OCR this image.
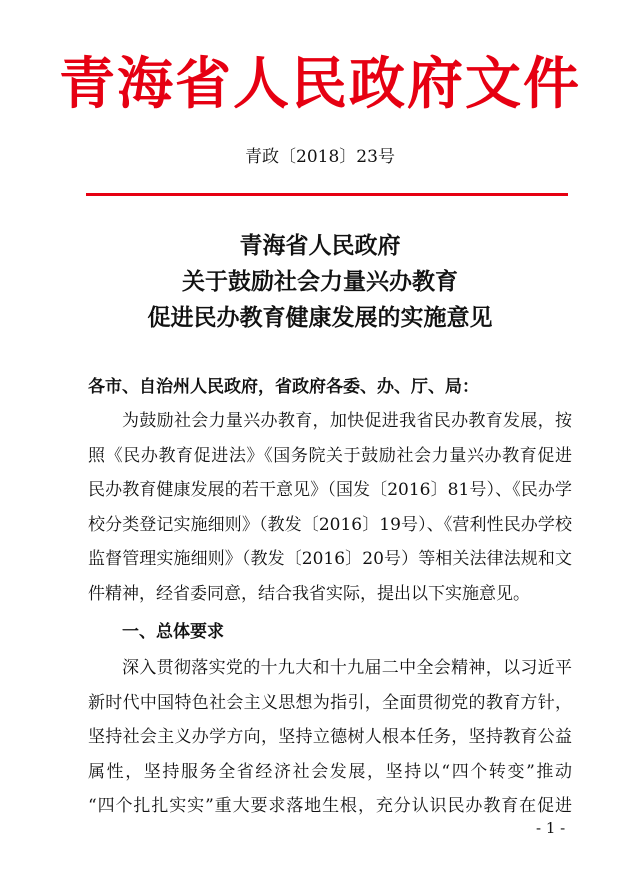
青海省人民政府文件
青政〔2018〕23号
青海省人民政府
关于鼓励社会力量兴办教育
促进民办教育健康发展的实施意见
各市、自治州人民政府，省政府各委、办、厅、局：
为鼓励社会力量兴办教育，加快促进我省民办教育发展，按
照《民办教育促进法》《国务院关于鼓励社会力量兴办教育促进
民办教育健康发展的若干意见》（国发〔2016〕81号）、《民办学
校分类登记实施细则》（教发〔2016〕19号）、《营利性民办学校
监督管理实施细则》（教发〔2016〕20号）等相关法律法规和文
件精神，经省委同意，结合我省实际，提出以下实施意见。
一、总体要求
深入贯彻落实党的十九大和十九届二中全会精神，以习近平
新时代中国特色社会主义思想为指引，全面贯彻党的教育方针，
坚持社会主义办学方向，坚持立德树人根本任务，坚持教育公益
属性，坚持服务全省经济社会发展，坚持以“四个转变”推动
“四个扎扎实实”重大要求落地生根，充分认识民办教育在促进
- 1 -
